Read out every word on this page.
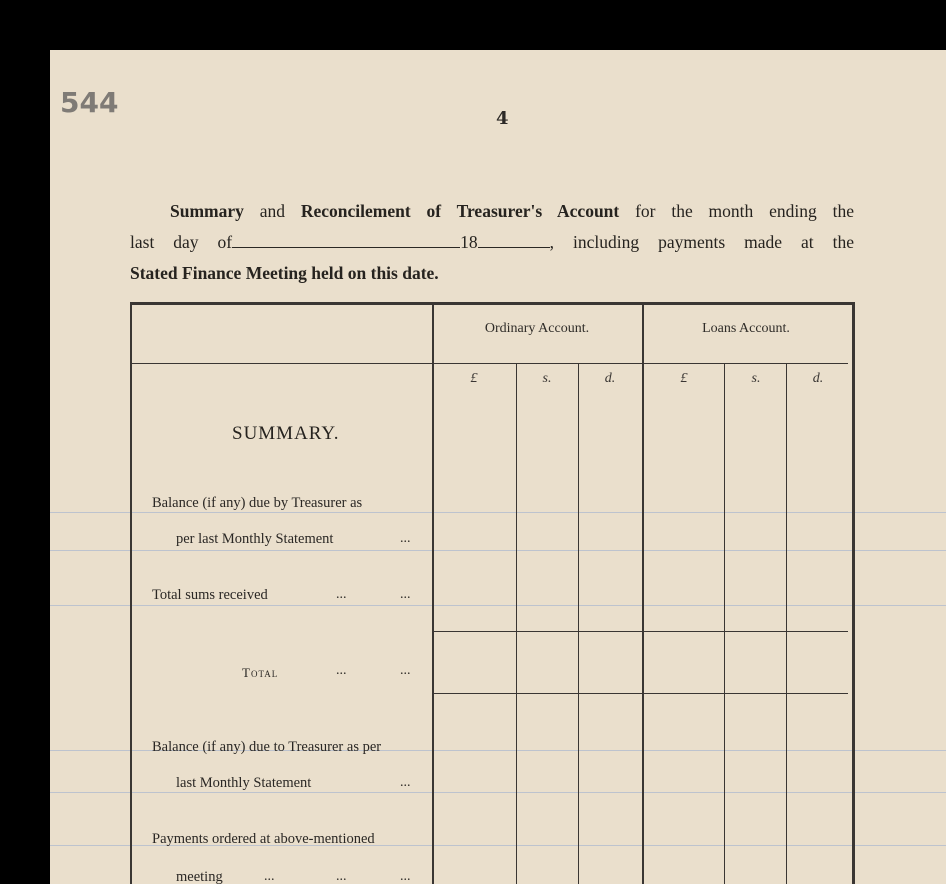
544	4
Summary and Reconcilement of Treasurer's Account for the month ending the
last day of	18	, including payments made at the
Stated Finance Meeting held on this date.
Ordinary Account.	Loans Account.
£	s.	d.	£	s.	d.
SUMMARY.
Balance (if any) due by Treasurer as
per last Monthly Statement	...
Total sums received	...	...
Total	...	...
Balance (if any) due to Treasurer as per
last Monthly Statement	...
Payments ordered at above-mentioned
meeting	...	...	...
